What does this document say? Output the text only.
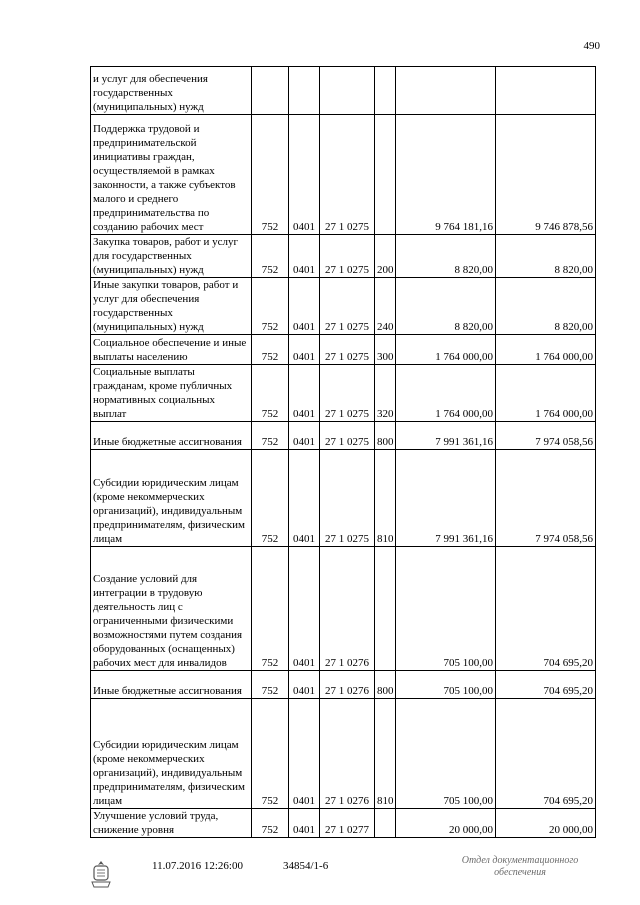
490
и услуг для обеспечения государственных (муниципальных) нужд						
Поддержка трудовой и предпринимательской инициативы граждан, осуществляемой в рамках законности, а также субъектов малого и среднего предпринимательства по созданию рабочих мест	752	0401	27 1 0275		9 764 181,16	9 746 878,56
Закупка товаров, работ и услуг для государственных (муниципальных) нужд	752	0401	27 1 0275	200	8 820,00	8 820,00
Иные закупки товаров, работ и услуг для обеспечения государственных (муниципальных) нужд	752	0401	27 1 0275	240	8 820,00	8 820,00
Социальное обеспечение и иные выплаты населению	752	0401	27 1 0275	300	1 764 000,00	1 764 000,00
Социальные выплаты гражданам, кроме публичных нормативных социальных выплат	752	0401	27 1 0275	320	1 764 000,00	1 764 000,00
Иные бюджетные ассигнования	752	0401	27 1 0275	800	7 991 361,16	7 974 058,56
Субсидии юридическим лицам (кроме некоммерческих организаций), индивидуальным предпринимателям, физическим лицам	752	0401	27 1 0275	810	7 991 361,16	7 974 058,56
Создание условий для интеграции в трудовую деятельность лиц с ограниченными физическими возможностями путем создания оборудованных (оснащенных) рабочих мест для инвалидов	752	0401	27 1 0276		705 100,00	704 695,20
Иные бюджетные ассигнования	752	0401	27 1 0276	800	705 100,00	704 695,20
Субсидии юридическим лицам (кроме некоммерческих организаций), индивидуальным предпринимателям, физическим лицам	752	0401	27 1 0276	810	705 100,00	704 695,20
Улучшение условий труда, снижение уровня	752	0401	27 1 0277		20 000,00	20 000,00
11.07.2016 12:26:00	34854/1-6	Отдел документационного обеспечения
